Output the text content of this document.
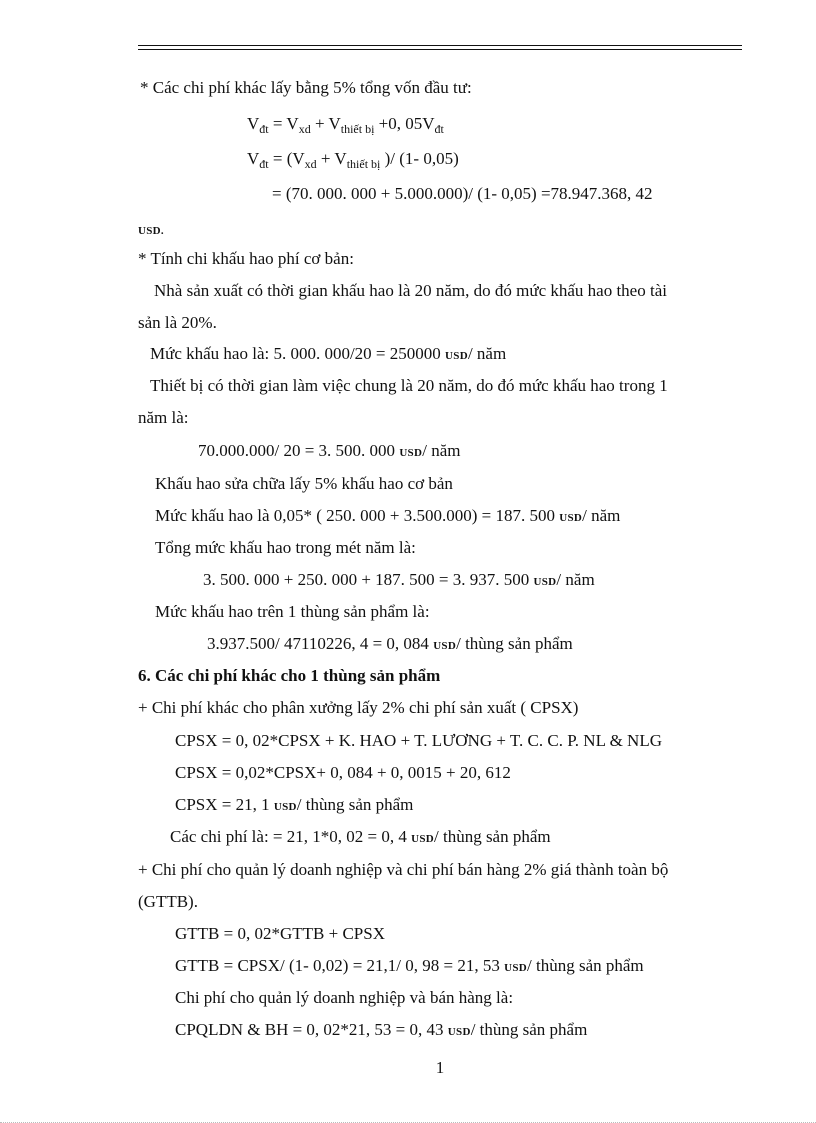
* Các chi phí khác lấy bằng 5% tổng vốn đầu tư:
$V_{đt} = V_{xd} + V_{thiết bị} +0$, $05V_{đt}$
$V_{đt} = (V_{xd} + V_{thiết bị}$ )/ (1- 0,05)
= (70. 000. 000 + 5.000.000)/ (1- 0,05) =78.947.368, 42
USD.
* Tính chi khấu hao phí cơ bản:
Nhà sản xuất có thời gian khấu hao là 20 năm, do đó mức khấu hao theo tài
sản là 20%.
Mức khấu hao là: 5. 000. 000/20 = 250000 USD/ năm
Thiết bị có thời gian làm việc chung là 20 năm, do đó mức khấu hao trong 1
năm là:
70.000.000/ 20 = 3. 500. 000 USD/ năm
Khấu hao sửa chữa lấy 5% khấu hao cơ bản
Mức khấu hao là 0,05* ( 250. 000 + 3.500.000) = 187. 500 USD/ năm
Tổng mức khấu hao trong mét năm là:
3. 500. 000 + 250. 000 + 187. 500 = 3. 937. 500 USD/ năm
Mức khấu hao trên 1 thùng sản phẩm là:
3.937.500/ 47110226, 4 = 0, 084 USD/ thùng sản phẩm
6. Các chi phí khác cho 1 thùng sản phẩm
+ Chi phí khác cho phân xưởng lấy 2% chi phí sản xuất ( CPSX)
CPSX = 0, 02*CPSX + K. HAO + T. LƯƠNG + T. C. C. P. NL & NLG
CPSX = 0,02*CPSX+ 0, 084 + 0, 0015 + 20, 612
CPSX = 21, 1 USD/ thùng sản phẩm
Các chi phí là: = 21, 1*0, 02 = 0, 4 USD/ thùng sản phẩm
+ Chi phí cho quản lý doanh nghiệp và chi phí bán hàng 2% giá thành toàn bộ
(GTTB).
GTTB = 0, 02*GTTB + CPSX
GTTB = CPSX/ (1- 0,02) = 21,1/ 0, 98 = 21, 53 USD/ thùng sản phẩm
Chi phí cho quản lý doanh nghiệp và bán hàng là:
CPQLDN & BH = 0, 02*21, 53 = 0, 43 USD/ thùng sản phẩm
1
